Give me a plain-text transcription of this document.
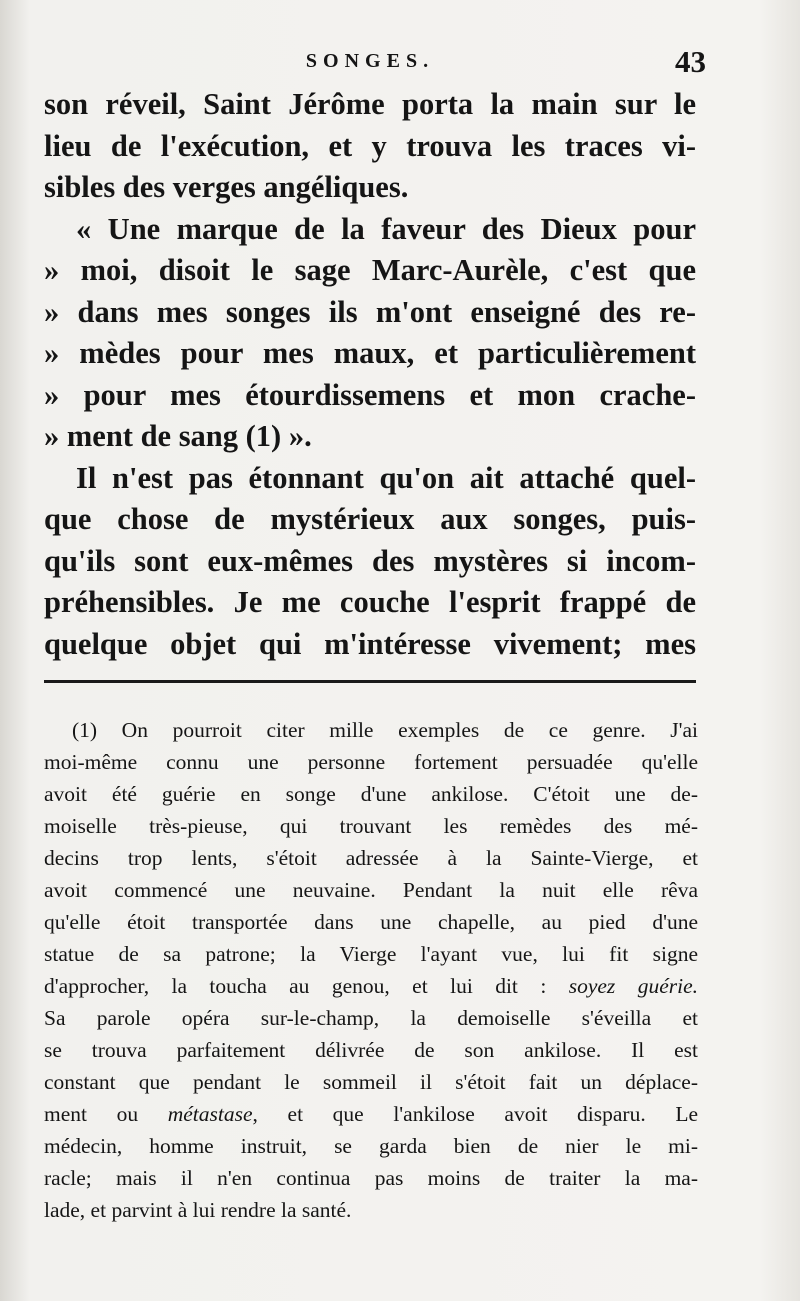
SONGES.	43
son réveil, Saint Jérôme porta la main sur le
lieu de l'exécution, et y trouva les traces vi-
sibles des verges angéliques.
« Une marque de la faveur des Dieux pour
» moi, disoit le sage Marc-Aurèle, c'est que
» dans mes songes ils m'ont enseigné des re-
» mèdes pour mes maux, et particulièrement
» pour mes étourdissemens et mon crache-
» ment de sang (1) ».
Il n'est pas étonnant qu'on ait attaché quel-
que chose de mystérieux aux songes, puis-
qu'ils sont eux-mêmes des mystères si incom-
préhensibles. Je me couche l'esprit frappé de
quelque objet qui m'intéresse vivement; mes
(1) On pourroit citer mille exemples de ce genre. J'ai
moi-même connu une personne fortement persuadée qu'elle
avoit été guérie en songe d'une ankilose. C'étoit une de-
moiselle très-pieuse, qui trouvant les remèdes des mé-
decins trop lents, s'étoit adressée à la Sainte-Vierge, et
avoit commencé une neuvaine. Pendant la nuit elle rêva
qu'elle étoit transportée dans une chapelle, au pied d'une
statue de sa patrone; la Vierge l'ayant vue, lui fit signe
d'approcher, la toucha au genou, et lui dit : soyez guérie.
Sa parole opéra sur-le-champ, la demoiselle s'éveilla et
se trouva parfaitement délivrée de son ankilose. Il est
constant que pendant le sommeil il s'étoit fait un déplace-
ment ou métastase, et que l'ankilose avoit disparu. Le
médecin, homme instruit, se garda bien de nier le mi-
racle; mais il n'en continua pas moins de traiter la ma-
lade, et parvint à lui rendre la santé.
